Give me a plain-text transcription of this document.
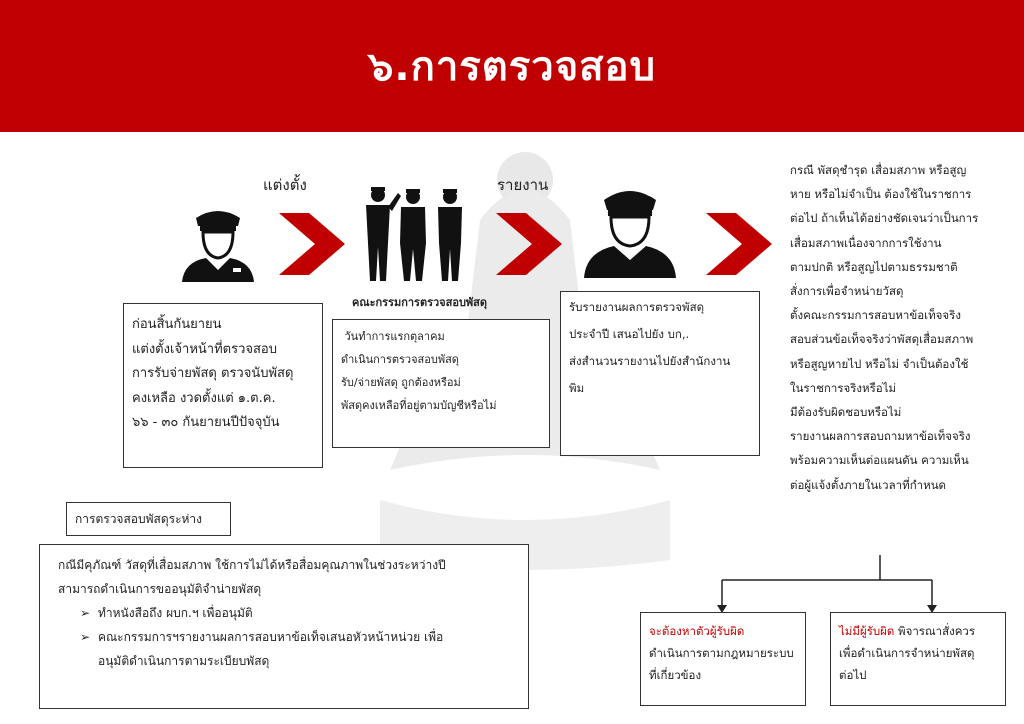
๖.การตรวจสอบ
แต่งตั้ง	รายงาน
คณะกรรมการตรวจสอบพัสดุ
ก่อนสิ้นกันยายน
แต่งตั้งเจ้าหน้าที่ตรวจสอบ
การรับจ่ายพัสดุ ตรวจนับพัสดุ
คงเหลือ งวดตั้งแต่ ๑.ต.ค.
๖๖ - ๓๐ กันยายนปีปัจจุบัน
วันทำการแรกตุลาคม
ดำเนินการตรวจสอบพัสดุ
รับ/จ่ายพัสดุ ถูกต้องหรือม่
พัสดุคงเหลือที่อยู่ตามบัญชีหรือไม่
รับรายงานผลการตรวจพัสดุ
ประจำปี เสนอไปยัง บก,.
ส่งสำนวนรายงานไปยังสำนักงาน
พิม
กรณี พัสดุชำรุด เสื่อมสภาพ หรือสูญ
หาย หรือไม่จำเป็น ต้องใช้ในราชการ
ต่อไป ถ้าเห็นได้อย่างชัดเจนว่าเป็นการ
เสื่อมสภาพเนื่องจากการใช้งาน
ตามปกติ หรือสูญไปตามธรรมชาติ
สั่งการเพื่อจำหน่ายวัสดุ
ตั้งคณะกรรมการสอบหาข้อเท็จจริง
สอบส่วนข้อเท็จจริงว่าพัสดุเสื่อมสภาพ
หรือสูญหายไป หรือไม่ จำเป็นต้องใช้
ในราชการจริงหรือไม่
มีต้องรับผิดชอบหรือไม่
รายงานผลการสอบถามหาข้อเท็จจริง
พร้อมความเห็นต่อแผนดัน ความเห็น
ต่อผู้แจ้งตั้งภายในเวลาที่กำหนด
จะต้องหาตัวผู้รับผิด
ดำเนินการตามกฎหมายระบบ
ที่เกี่ยวข้อง
ไม่มีผู้รับผิด พิจารณาสั่งควร
เพื่อดำเนินการจำหน่ายพัสดุ
ต่อไป
การตรวจสอบพัสดุระห่าง
กณีมีคุภัณฑ์ วัสดุที่เสื่อมสภาพ ใช้การไม่ได้หรือสื่อมคุณภาพในช่วงระหว่างปี
สามารถดำเนินการขออนุมัติจำน่ายพัสดุ
➢ ทำหนังสือถึง ผบก.ฯ เพื่ออนุมัติ
➢ คณะกรรมการฯรายงานผลการสอบหาข้อเท็จเสนอหัวหน้าหน่วย เพื่อ
อนุมัติดำเนินการตามระเบียบพัสดุ
